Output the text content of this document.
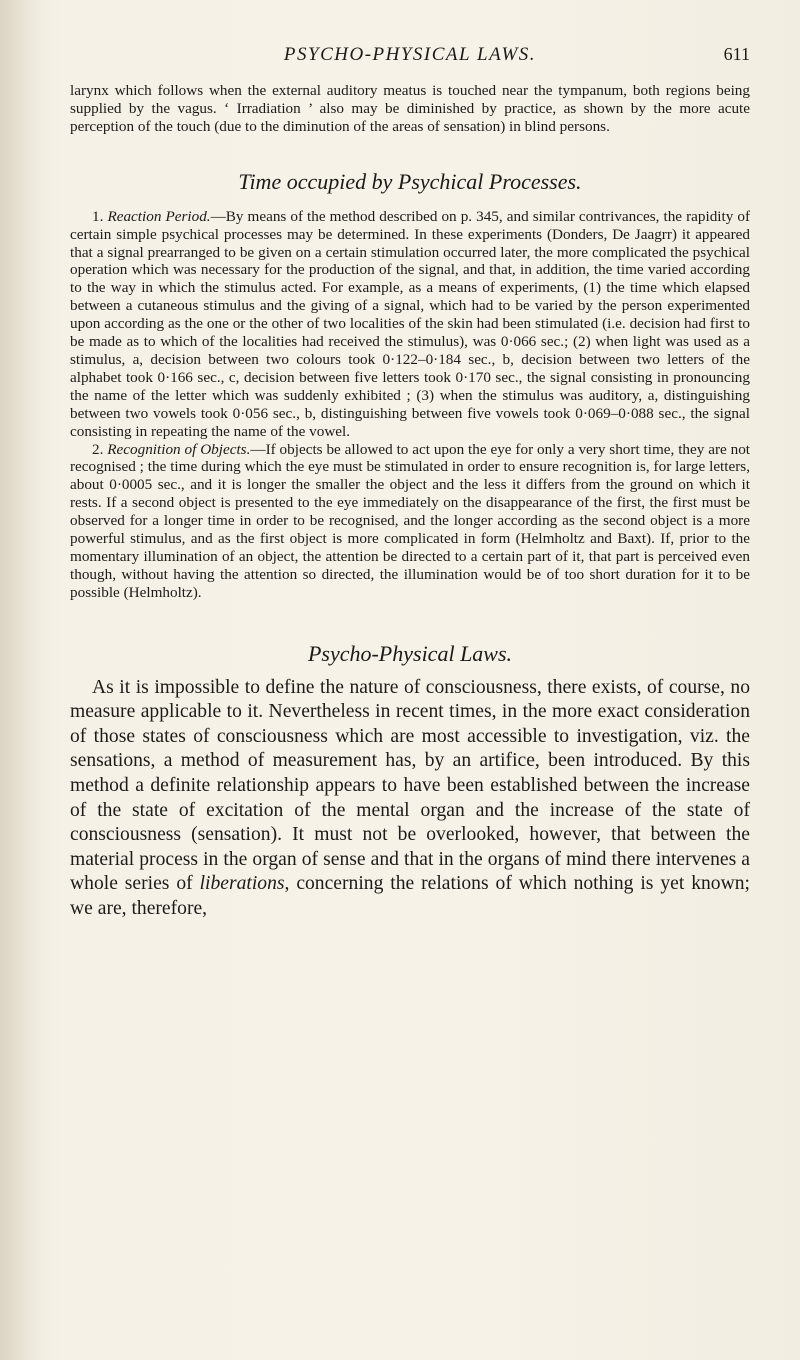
PSYCHO-PHYSICAL LAWS.	611

larynx which follows when the external auditory meatus is touched near the tympanum, both regions being supplied by the vagus. ‘ Irradiation ’ also may be diminished by practice, as shown by the more acute perception of the touch (due to the diminution of the areas of sensation) in blind persons.

Time occupied by Psychical Processes.

1. Reaction Period.—By means of the method described on p. 345, and similar contrivances, the rapidity of certain simple psychical processes may be determined. In these experiments (Donders, De Jaagrr) it appeared that a signal prearranged to be given on a certain stimulation occurred later, the more complicated the psychical operation which was necessary for the production of the signal, and that, in addition, the time varied according to the way in which the stimulus acted. For example, as a means of experiments, (1) the time which elapsed between a cutaneous stimulus and the giving of a signal, which had to be varied by the person experimented upon according as the one or the other of two localities of the skin had been stimulated (i.e. decision had first to be made as to which of the localities had received the stimulus), was 0·066 sec.; (2) when light was used as a stimulus, a, decision between two colours took 0·122–0·184 sec., b, decision between two letters of the alphabet took 0·166 sec., c, decision between five letters took 0·170 sec., the signal consisting in pronouncing the name of the letter which was suddenly exhibited ; (3) when the stimulus was auditory, a, distinguishing between two vowels took 0·056 sec., b, distinguishing between five vowels took 0·069–0·088 sec., the signal consisting in repeating the name of the vowel.

2. Recognition of Objects.—If objects be allowed to act upon the eye for only a very short time, they are not recognised ; the time during which the eye must be stimulated in order to ensure recognition is, for large letters, about 0·0005 sec., and it is longer the smaller the object and the less it differs from the ground on which it rests. If a second object is presented to the eye immediately on the disappearance of the first, the first must be observed for a longer time in order to be recognised, and the longer according as the second object is a more powerful stimulus, and as the first object is more complicated in form (Helmholtz and Baxt). If, prior to the momentary illumination of an object, the attention be directed to a certain part of it, that part is perceived even though, without having the attention so directed, the illumination would be of too short duration for it to be possible (Helmholtz).

Psycho-Physical Laws.

As it is impossible to define the nature of consciousness, there exists, of course, no measure applicable to it. Nevertheless in recent times, in the more exact consideration of those states of consciousness which are most accessible to investigation, viz. the sensations, a method of measurement has, by an artifice, been introduced. By this method a definite relationship appears to have been established between the increase of the state of excitation of the mental organ and the increase of the state of consciousness (sensation). It must not be overlooked, however, that between the material process in the organ of sense and that in the organs of mind there intervenes a whole series of liberations, concerning the relations of which nothing is yet known; we are, therefore,
